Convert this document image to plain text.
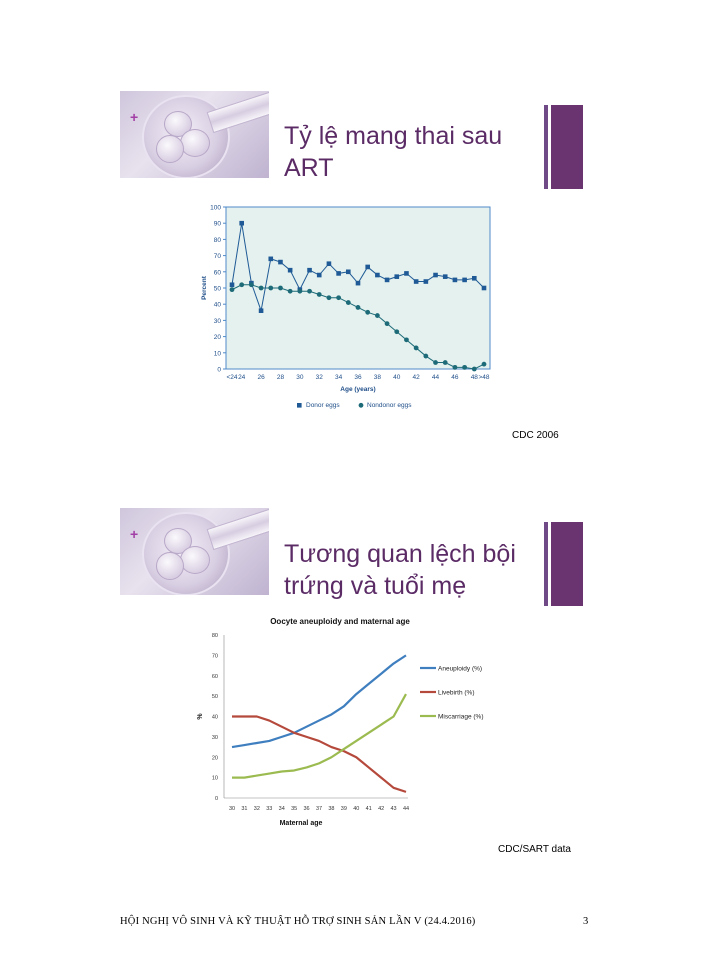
+
Tỷ lệ mang thai sau
ART
0
10
20
30
40
50
60
70
80
90
100
<24 24 26 28 30 32 34 36 38 40 42 44 46 48 >48
Age (years)
Percent
Donor eggs	Nondonor eggs
CDC 2006
+
Tương quan lệch bội
trứng và tuổi mẹ
Oocyte aneuploidy and maternal age
0
10
20
30
40
50
60
70
80
30 31 32 33 34 35 36 37 38 39 40 41 42 43 44
Maternal age
%
Aneuploidy (%)
Livebirth (%)
Miscarriage (%)
CDC/SART data
HỘI NGHỊ VÔ SINH VÀ KỸ THUẬT HỖ TRỢ SINH SẢN LẦN V (24.4.2016)	3
